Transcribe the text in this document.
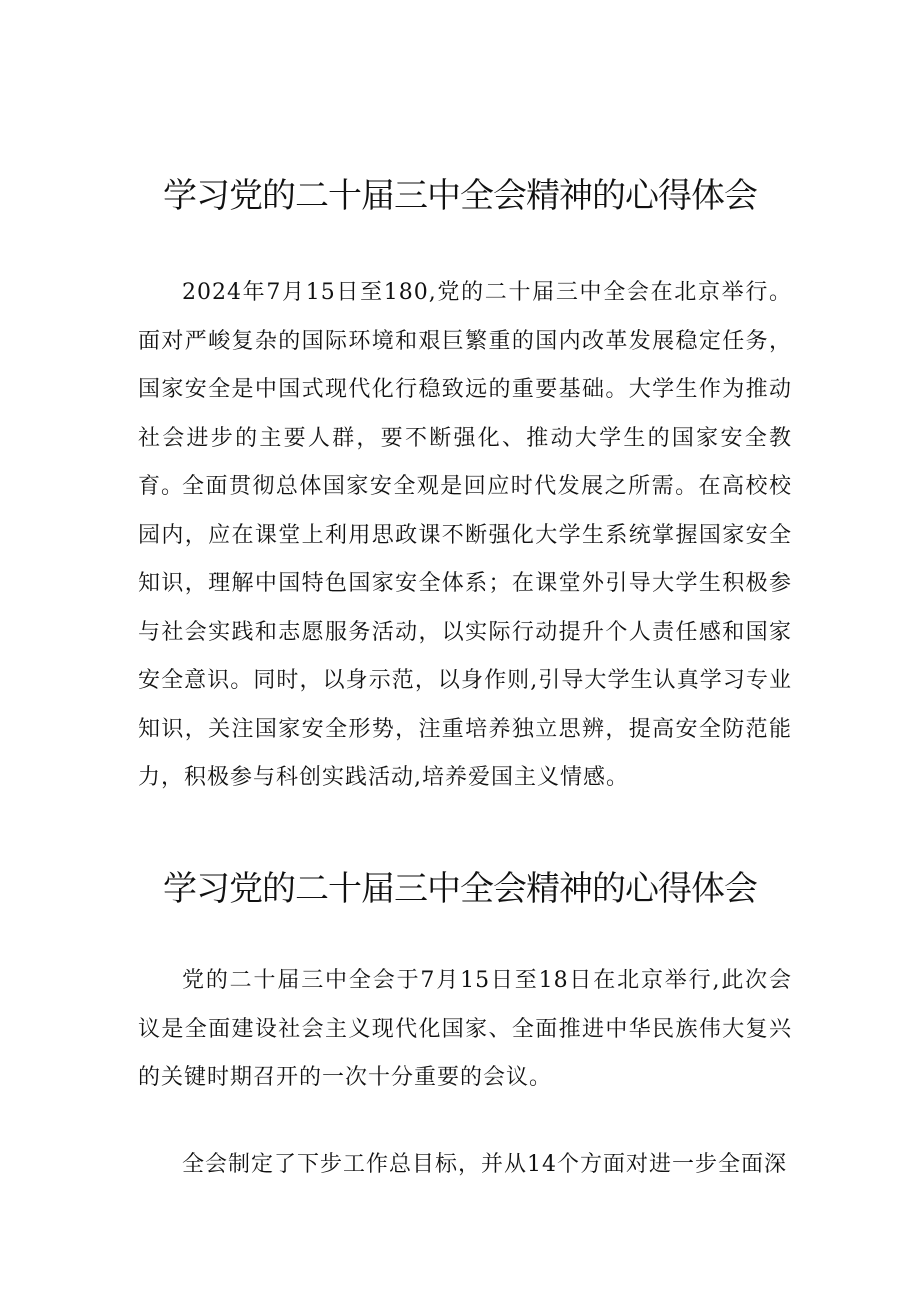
学习党的二十届三中全会精神的心得体会

2024年7月15日至180,党的二十届三中全会在北京举行。面对严峻复杂的国际环境和艰巨繁重的国内改革发展稳定任务，国家安全是中国式现代化行稳致远的重要基础。大学生作为推动社会进步的主要人群，要不断强化、推动大学生的国家安全教育。

全面贯彻总体国家安全观是回应时代发展之所需。在高校校园内，应在课堂上利用思政课不断强化大学生系统掌握国家安全知识，理解中国特色国家安全体系；在课堂外引导大学生积极参与社会实践和志愿服务活动，以实际行动提升个人责任感和国家安全意识。同时，以身示范，以身作则,引导大学生认真学习专业知识，关注国家安全形势，注重培养独立思辨，提高安全防范能力，积极参与科创实践活动,培养爱国主义情感。

学习党的二十届三中全会精神的心得体会

党的二十届三中全会于7月15日至18日在北京举行,此次会议是全面建设社会主义现代化国家、全面推进中华民族伟大复兴的关键时期召开的一次十分重要的会议。

全会制定了下步工作总目标，并从14个方面对进一步全面深
